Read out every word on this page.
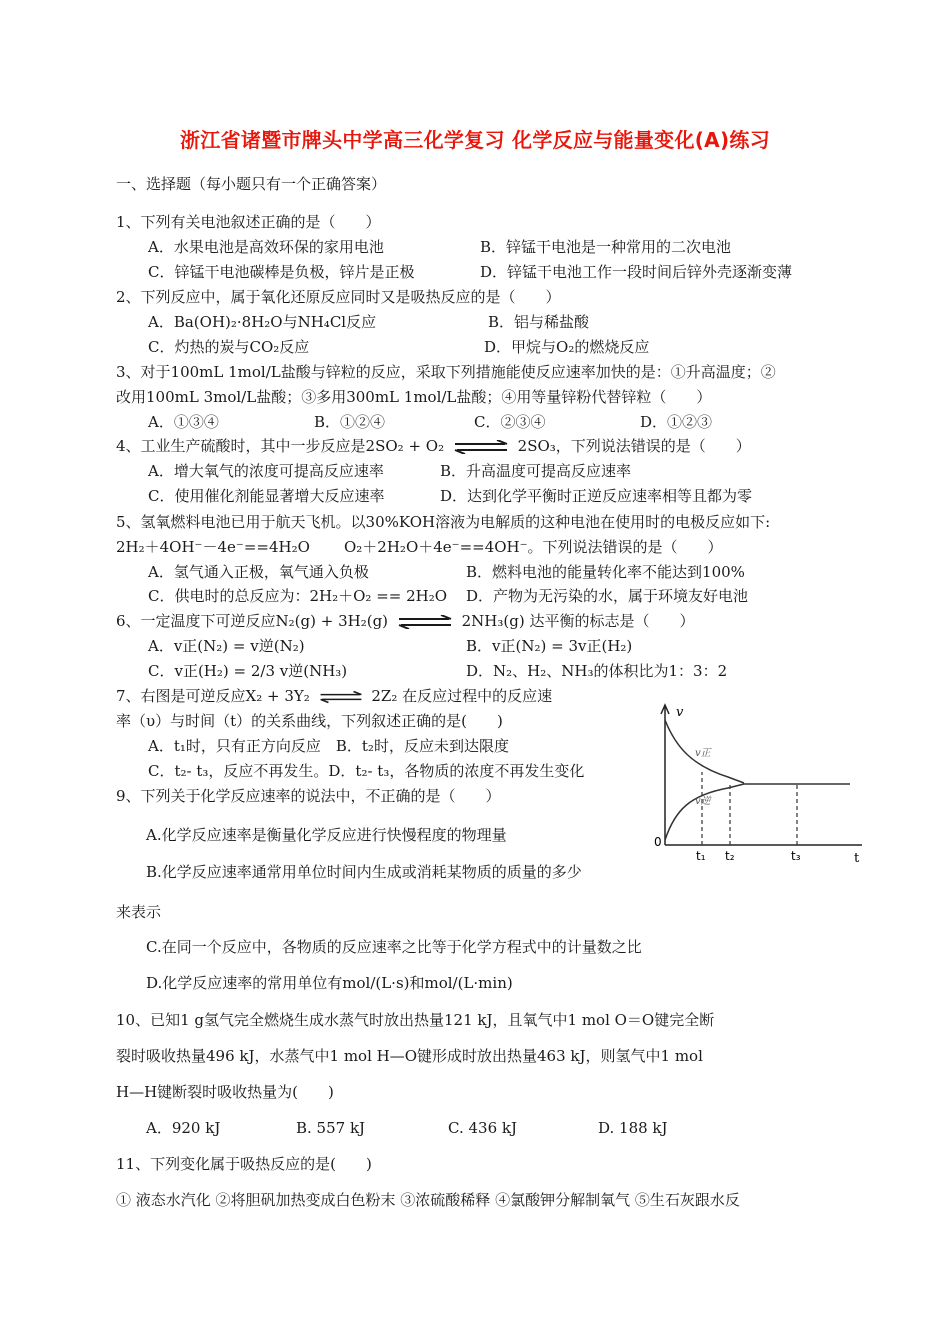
浙江省诸暨市牌头中学高三化学复习 化学反应与能量变化(A)练习
一、选择题（每小题只有一个正确答案）
1、下列有关电池叙述正确的是（　　）
A．水果电池是高效环保的家用电池	B．锌锰干电池是一种常用的二次电池
C．锌锰干电池碳棒是负极，锌片是正极	D．锌锰干电池工作一段时间后锌外壳逐渐变薄
2、下列反应中，属于氧化还原反应同时又是吸热反应的是（　　）
A．Ba(OH)₂·8H₂O与NH₄Cl反应	B．铝与稀盐酸
C．灼热的炭与CO₂反应	D．甲烷与O₂的燃烧反应
3、对于100mL 1mol/L盐酸与锌粒的反应，采取下列措施能使反应速率加快的是：①升高温度；②
改用100mL 3mol/L盐酸；③多用300mL 1mol/L盐酸；④用等量锌粉代替锌粒（　　）
A．①③④	B．①②④	C．②③④	D．①②③
4、工业生产硫酸时，其中一步反应是2SO₂ + O₂	2SO₃，下列说法错误的是（　　）
A．增大氧气的浓度可提高反应速率	B．升高温度可提高反应速率
C．使用催化剂能显著增大反应速率	D．达到化学平衡时正逆反应速率相等且都为零
5、氢氧燃料电池已用于航天飞机。以30%KOH溶液为电解质的这种电池在使用时的电极反应如下:
2H₂＋4OH⁻－4e⁻==4H₂O O₂＋2H₂O＋4e⁻==4OH⁻。下列说法错误的是（　　）
A．氢气通入正极，氧气通入负极	B．燃料电池的能量转化率不能达到100%
C．供电时的总反应为：2H₂＋O₂ == 2H₂O D．产物为无污染的水，属于环境友好电池
6、一定温度下可逆反应N₂(g) + 3H₂(g)	2NH₃(g) 达平衡的标志是（　　）
A．v正(N₂) = v逆(N₂)	B．v正(N₂) = 3v正(H₂)
C．v正(H₂) = 2/3 v逆(NH₃)	D．N₂、H₂、NH₃的体积比为1：3：2
7、右图是可逆反应X₂ + 3Y₂	2Z₂ 在反应过程中的反应速
率（υ）与时间（t）的关系曲线，下列叙述正确的是(　　)
A．t₁时，只有正方向反应　B．t₂时，反应未到达限度
C．t₂- t₃，反应不再发生。D．t₂- t₃，各物质的浓度不再发生变化
v
t
0
v正
v逆
t₁ t₂	t₃
9、下列关于化学反应速率的说法中，不正确的是（　　）
A.化学反应速率是衡量化学反应进行快慢程度的物理量
B.化学反应速率通常用单位时间内生成或消耗某物质的质量的多少
来表示
C.在同一个反应中，各物质的反应速率之比等于化学方程式中的计量数之比
D.化学反应速率的常用单位有mol/(L·s)和mol/(L·min)
10、已知1 g氢气完全燃烧生成水蒸气时放出热量121 kJ，且氧气中1 mol O＝O键完全断
裂时吸收热量496 kJ，水蒸气中1 mol H—O键形成时放出热量463 kJ，则氢气中1 mol
H—H键断裂时吸收热量为(　　)
A．920 kJ	B. 557 kJ	C. 436 kJ	D. 188 kJ
11、下列变化属于吸热反应的是(　　)
① 液态水汽化 ②将胆矾加热变成白色粉末 ③浓硫酸稀释 ④氯酸钾分解制氧气 ⑤生石灰跟水反
